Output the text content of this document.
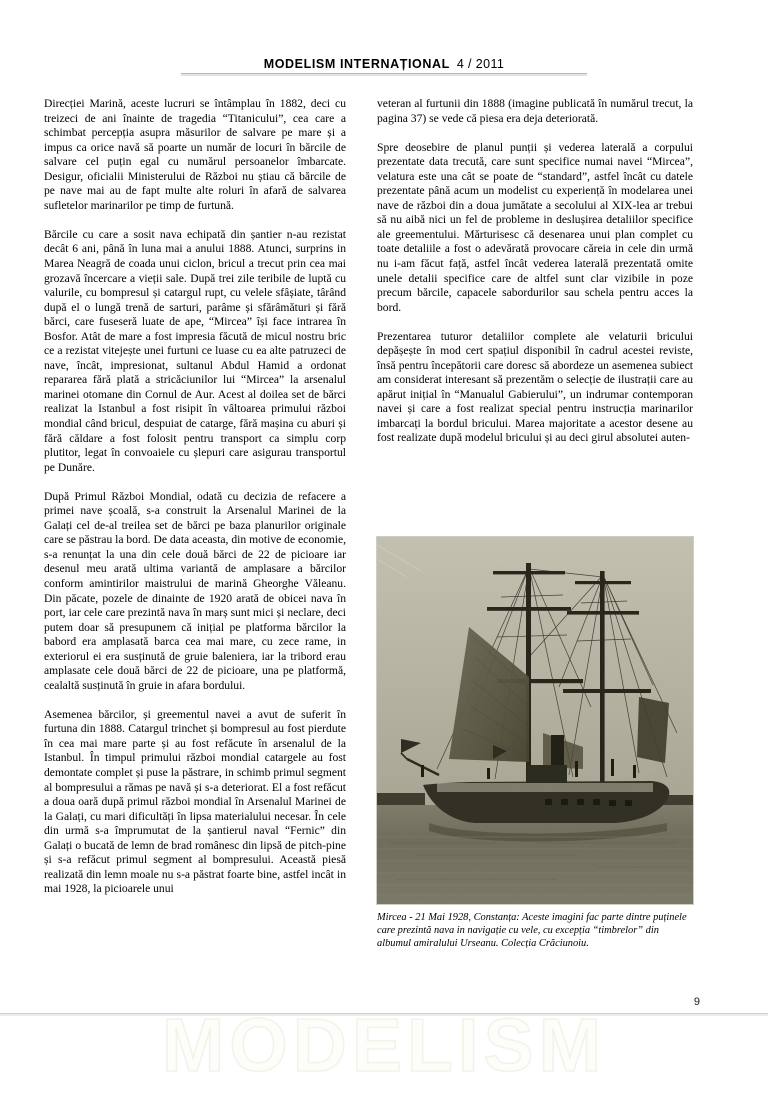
MODELISM INTERNAȚIONAL 4 / 2011

Direcției Marină, aceste lucruri se întâmplau în 1882, deci cu treizeci de ani înainte de tragedia “Titanicului”, cea care a schimbat percepția asupra măsurilor de salvare pe mare și a impus ca orice navă să poarte un număr de locuri în bărcile de salvare cel puțin egal cu numărul persoanelor îmbarcate. Desigur, oficialii Ministerului de Război nu știau că bărcile de pe nave mai au de fapt multe alte roluri în afară de salvarea sufletelor marinarilor pe timp de furtună.

Bărcile cu care a sosit nava echipată din șantier n-au rezistat decât 6 ani, până în luna mai a anului 1888. Atunci, surprins in Marea Neagră de coada unui ciclon, bricul a trecut prin cea mai grozavă încercare a vieții sale. După trei zile teribile de luptă cu valurile, cu bompresul și catargul rupt, cu velele sfâșiate, târând după el o lungă trenă de sarturi, parâme și sfărâmături și fără bărci, care fuseseră luate de ape, “Mircea” își face intrarea în Bosfor. Atât de mare a fost impresia făcută de micul nostru bric ce a rezistat vitejește unei furtuni ce luase cu ea alte patruzeci de nave, încât, impresionat, sultanul Abdul Hamid a ordonat repararea fără plată a stricăciunilor lui “Mircea” la arsenalul marinei otomane din Cornul de Aur. Acest al doilea set de bărci realizat la Istanbul a fost risipit în vâltoarea primului război mondial când bricul, despuiat de catarge, fără mașina cu aburi și fără căldare a fost folosit pentru transport ca simplu corp plutitor, legat în convoaiele cu șlepuri care asigurau transportul pe Dunăre.

După Primul Război Mondial, odată cu decizia de refacere a primei nave școală, s-a construit la Arsenalul Marinei de la Galați cel de-al treilea set de bărci pe baza planurilor originale care se păstrau la bord. De data aceasta, din motive de economie, s-a renunțat la una din cele două bărci de 22 de picioare iar desenul meu arată ultima variantă de amplasare a bărcilor conform amintirilor maistrului de marină Gheorghe Văleanu. Din păcate, pozele de dinainte de 1920 arată de obicei nava în port, iar cele care prezintă nava în marș sunt mici și neclare, deci putem doar să presupunem că inițial pe platforma bărcilor la babord era amplasată barca cea mai mare, cu zece rame, in exteriorul ei era susținută de gruie baleniera, iar la tribord erau amplasate cele două bărci de 22 de picioare, una pe platformă, cealaltă susținută în gruie in afara bordului.

Asemenea bărcilor, și greementul navei a avut de suferit în furtuna din 1888. Catargul trinchet și bompresul au fost pierdute în cea mai mare parte și au fost refăcute în arsenalul de la Istanbul. În timpul primului război mondial catargele au fost demontate complet și puse la păstrare, in schimb primul segment al bompresului a rămas pe navă și s-a deteriorat. El a fost refăcut a doua oară după primul război mondial în Arsenalul Marinei de la Galați, cu mari dificultăți în lipsa materialului necesar. În cele din urmă s-a împrumutat de la șantierul naval “Fernic” din Galați o bucată de lemn de brad românesc din lipsă de pitch-pine și s-a refăcut primul segment al bompresului. Această piesă realizată din lemn moale nu s-a păstrat foarte bine, astfel incât in mai 1928, la picioarele unui

veteran al furtunii din 1888 (imagine publicată în numărul trecut, la pagina 37) se vede că piesa era deja deteriorată.

Spre deosebire de planul punții și vederea laterală a corpului prezentate data trecută, care sunt specifice numai navei “Mircea”, velatura este una cât se poate de “standard”, astfel încât cu datele prezentate până acum un modelist cu experiență în modelarea unei nave de război din a doua jumătate a secolului al XIX-lea ar trebui să nu aibă nici un fel de probleme in deslușirea detaliilor specifice ale greementului. Mărturisesc că desenarea unui plan complet cu toate detaliile a fost o adevărată provocare căreia in cele din urmă nu i-am făcut față, astfel încât vederea laterală prezentată omite unele detalii specifice care de altfel sunt clar vizibile in poze precum bărcile, capacele sabordurilor sau schela pentru acces la bord.

Prezentarea tuturor detaliilor complete ale velaturii bricului depășește în mod cert spațiul disponibil în cadrul acestei reviste, însă pentru începătorii care doresc să abordeze un asemenea subiect am considerat interesant să prezentăm o selecție de ilustrații care au apărut inițial în “Manualul Gabierului”, un indrumar contemporan navei și care a fost realizat special pentru instrucția marinarilor imbarcați la bordul bricului. Marea majoritate a acestor desene au fost realizate după modelul bricului și au deci girul absolutei auten-

Mircea - 21 Mai 1928, Constanța: Aceste imagini fac parte dintre puținele care prezintă nava in navigație cu vele, cu excepția “timbrelor” din albumul amiralului Urseanu. Colecția Crăciunoiu.
9
MODELISM
